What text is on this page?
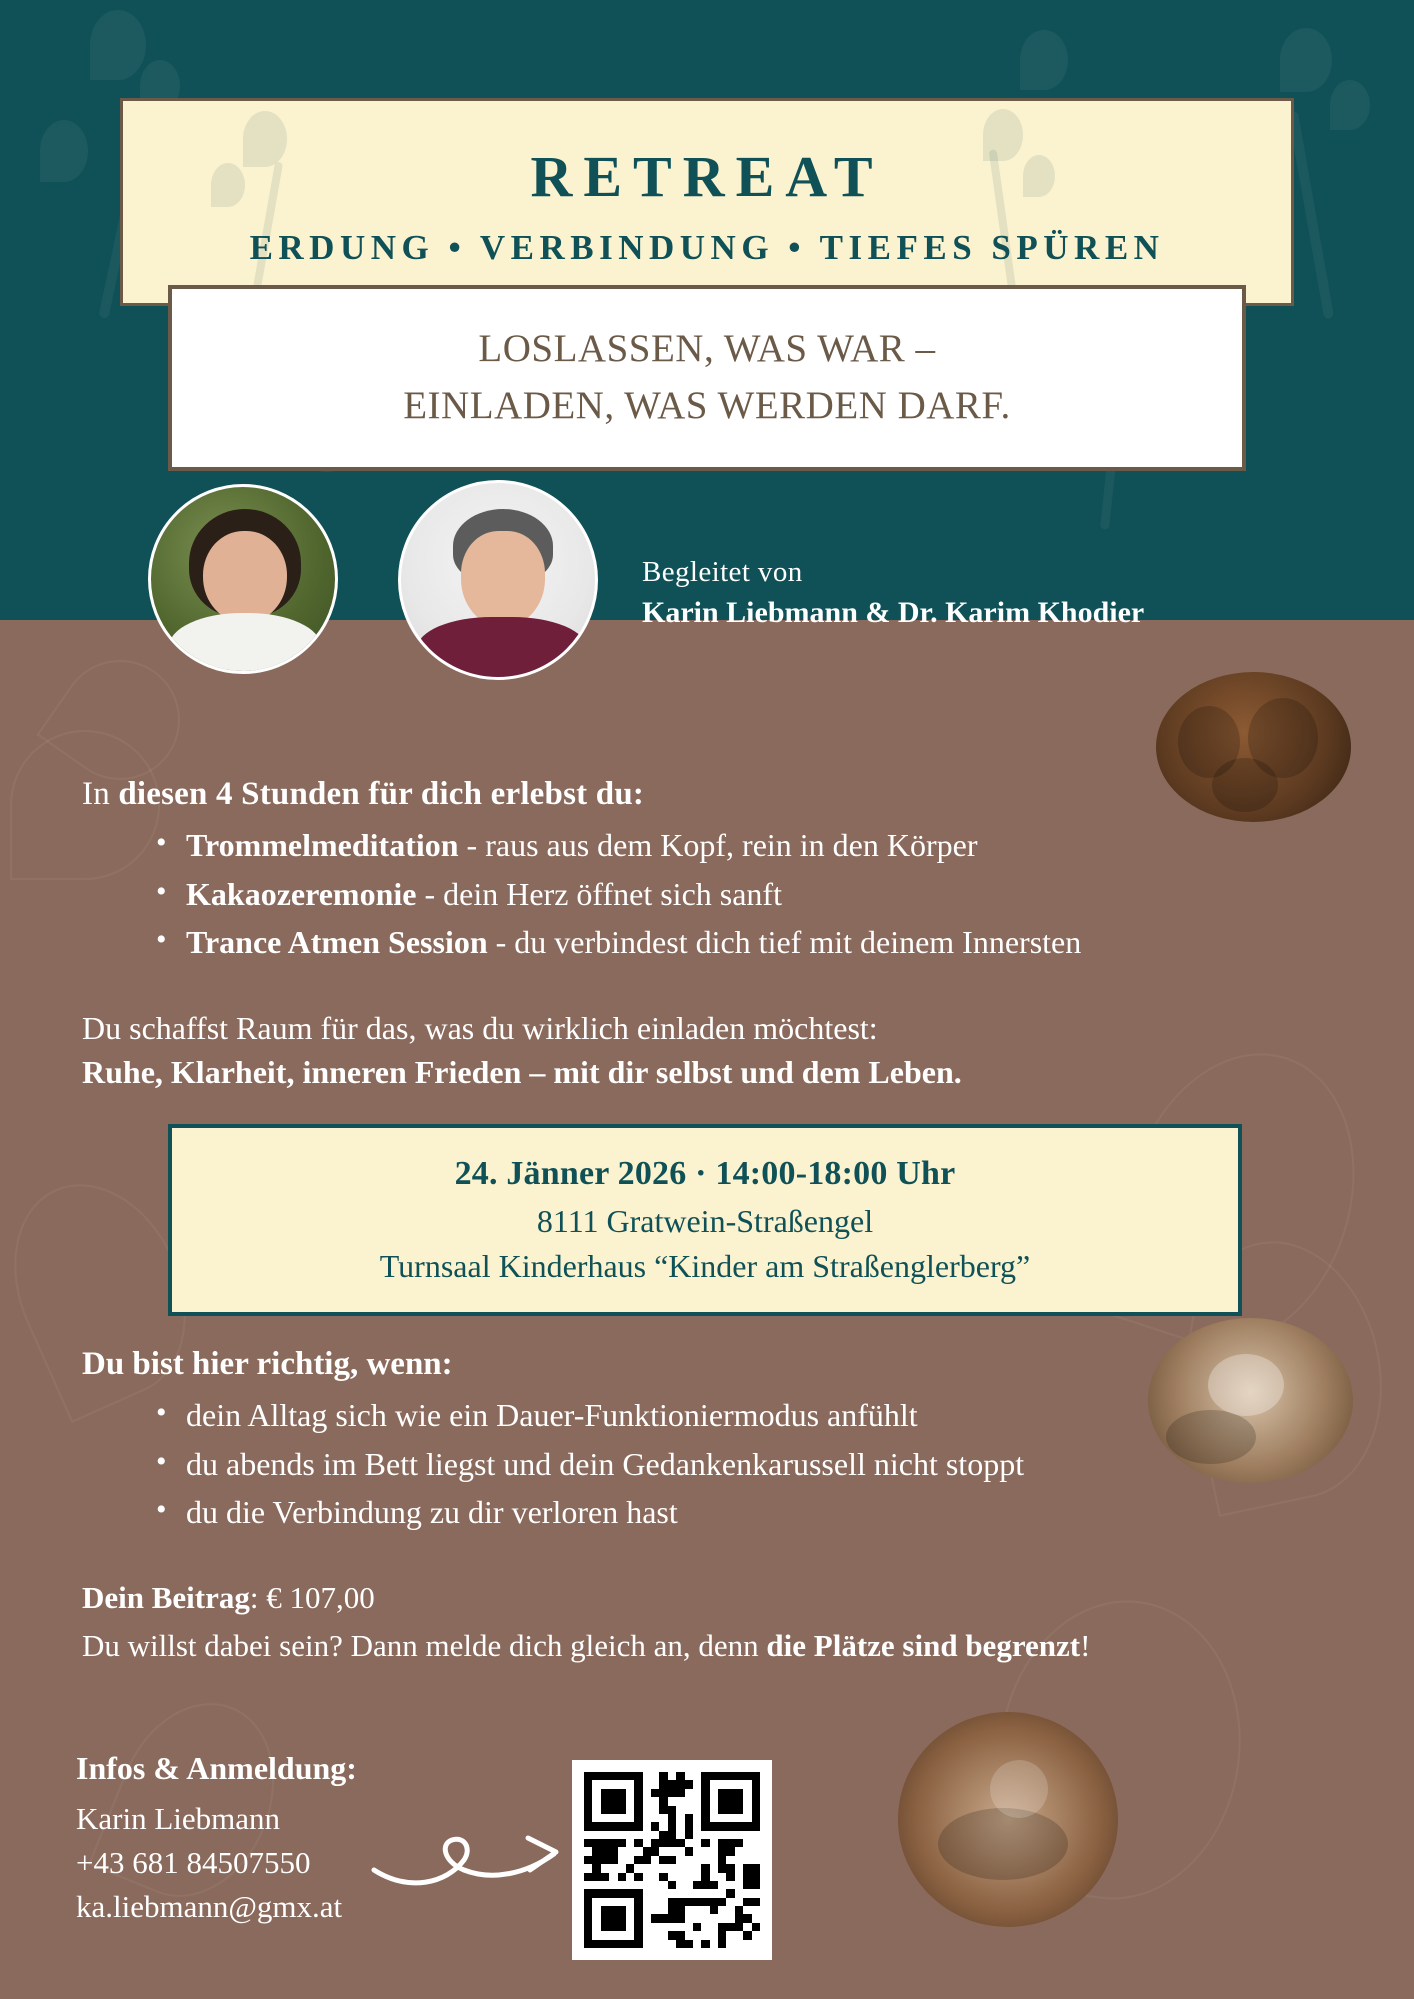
RETREAT
ERDUNG • VERBINDUNG • TIEFES SPÜREN
LOSLASSEN, WAS WAR –
EINLADEN, WAS WERDEN DARF.
Begleitet von
Karin Liebmann & Dr. Karim Khodier
In diesen 4 Stunden für dich erlebst du:
• Trommelmeditation - raus aus dem Kopf, rein in den Körper
• Kakaozeremonie - dein Herz öffnet sich sanft
• Trance Atmen Session - du verbindest dich tief mit deinem Innersten
Du schaffst Raum für das, was du wirklich einladen möchtest:
Ruhe, Klarheit, inneren Frieden – mit dir selbst und dem Leben.
24. Jänner 2026 · 14:00-18:00 Uhr
8111 Gratwein-Straßengel
Turnsaal Kinderhaus “Kinder am Straßenglerberg”
Du bist hier richtig, wenn:
• dein Alltag sich wie ein Dauer-Funktioniermodus anfühlt
• du abends im Bett liegst und dein Gedankenkarussell nicht stoppt
• du die Verbindung zu dir verloren hast
Dein Beitrag: € 107,00
Du willst dabei sein? Dann melde dich gleich an, denn die Plätze sind begrenzt!
Infos & Anmeldung:
Karin Liebmann
+43 681 84507550
ka.liebmann@gmx.at
